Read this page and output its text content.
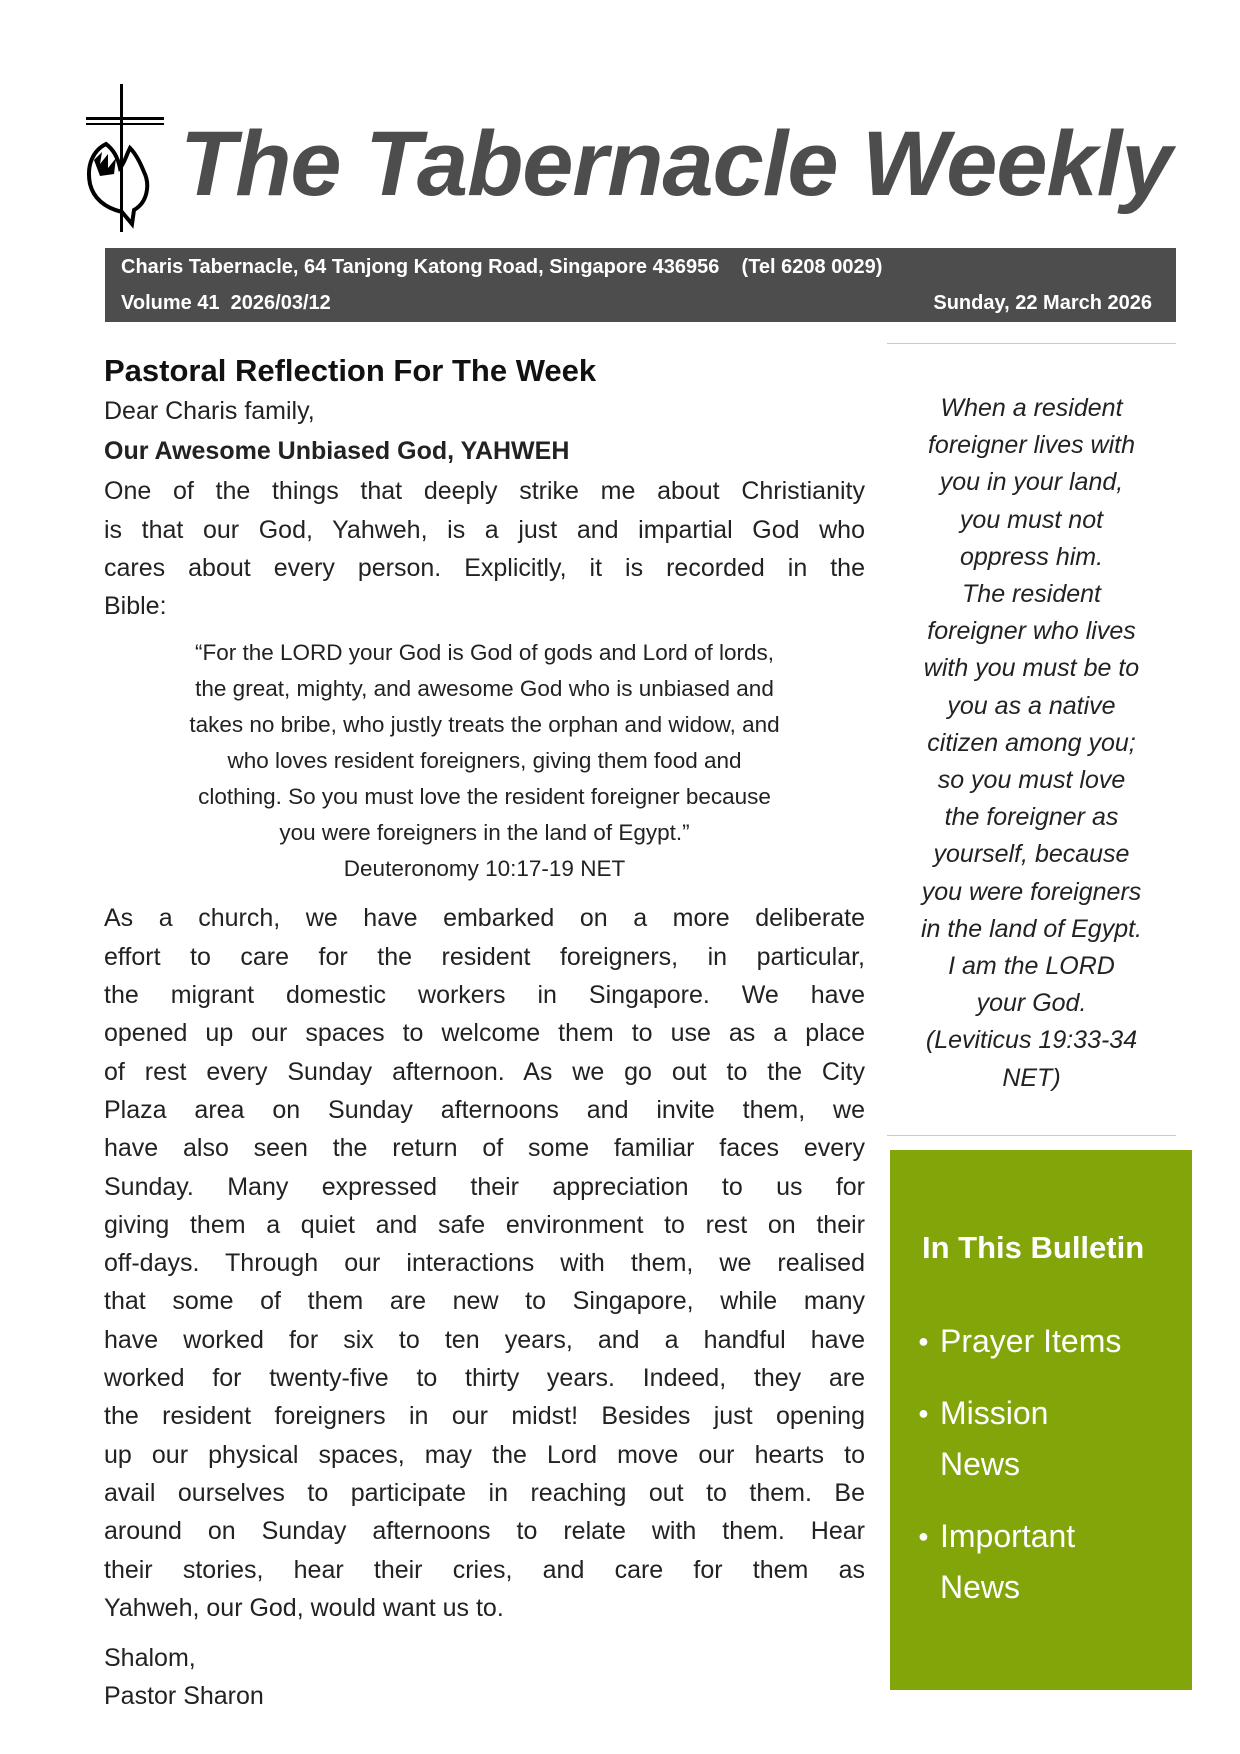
The Tabernacle Weekly
Charis Tabernacle, 64 Tanjong Katong Road, Singapore 436956    (Tel 6208 0029)
Volume 41  2026/03/12	Sunday, 22 March 2026
Pastoral Reflection For The Week
Dear Charis family,
Our Awesome Unbiased God, YAHWEH
One of the things that deeply strike me about Christianity
is that our God, Yahweh, is a just and impartial God who
cares about every person. Explicitly, it is recorded in the
Bible:
“For the LORD your God is God of gods and Lord of lords,
the great, mighty, and awesome God who is unbiased and
takes no bribe, who justly treats the orphan and widow, and
who loves resident foreigners, giving them food and
clothing. So you must love the resident foreigner because
you were foreigners in the land of Egypt.”
Deuteronomy 10:17-19 NET
As a church, we have embarked on a more deliberate
effort to care for the resident foreigners, in particular,
the migrant domestic workers in Singapore. We have
opened up our spaces to welcome them to use as a place
of rest every Sunday afternoon. As we go out to the City
Plaza area on Sunday afternoons and invite them, we
have also seen the return of some familiar faces every
Sunday. Many expressed their appreciation to us for
giving them a quiet and safe environment to rest on their
off-days. Through our interactions with them, we realised
that some of them are new to Singapore, while many
have worked for six to ten years, and a handful have
worked for twenty-five to thirty years. Indeed, they are
the resident foreigners in our midst! Besides just opening
up our physical spaces, may the Lord move our hearts to
avail ourselves to participate in reaching out to them. Be
around on Sunday afternoons to relate with them. Hear
their stories, hear their cries, and care for them as
Yahweh, our God, would want us to.
Shalom,
Pastor Sharon
When a resident
foreigner lives with
you in your land,
you must not
oppress him.
The resident
foreigner who lives
with you must be to
you as a native
citizen among you;
so you must love
the foreigner as
yourself, because
you were foreigners
in the land of Egypt.
I am the LORD
your God.
(Leviticus 19:33-34
NET)
In This Bulletin
● Prayer Items
● Mission News
● Important News
